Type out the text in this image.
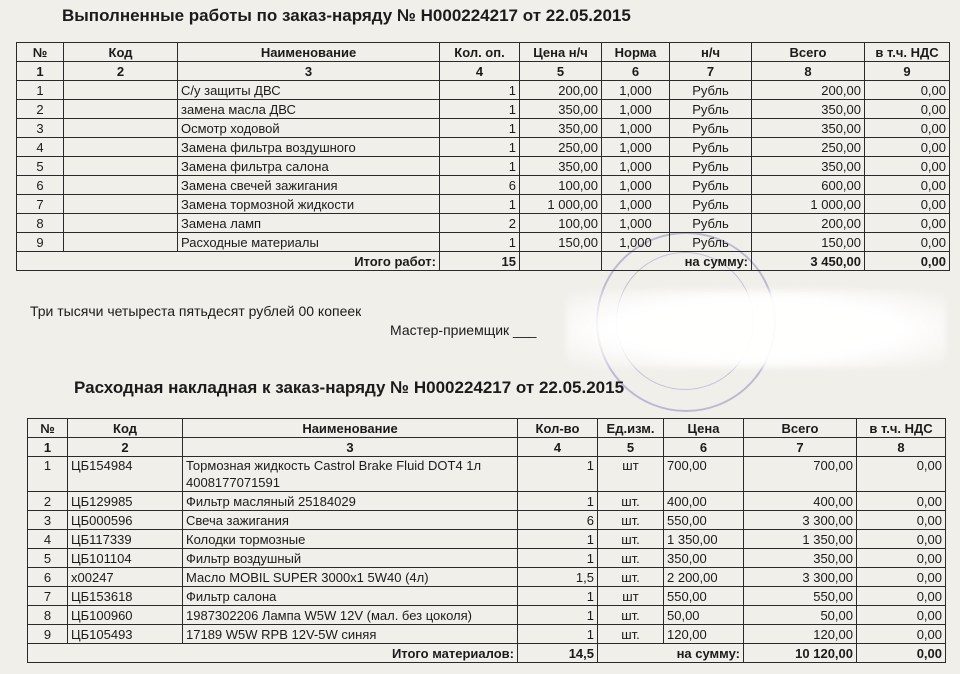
Выполненные работы по заказ-наряду № Н000224217 от 22.05.2015
№	Код	Наименование	Кол. оп.	Цена н/ч	Норма	н/ч	Всего	в т.ч. НДС
1	2	3	4	5	6	7	8	9
1		С/у защиты ДВС	1	200,00	1,000	Рубль	200,00	0,00
2		замена масла ДВС	1	350,00	1,000	Рубль	350,00	0,00
3		Осмотр ходовой	1	350,00	1,000	Рубль	350,00	0,00
4		Замена фильтра воздушного	1	250,00	1,000	Рубль	250,00	0,00
5		Замена фильтра салона	1	350,00	1,000	Рубль	350,00	0,00
6		Замена свечей зажигания	6	100,00	1,000	Рубль	600,00	0,00
7		Замена тормозной жидкости	1	1 000,00	1,000	Рубль	1 000,00	0,00
8		Замена ламп	2	100,00	1,000	Рубль	200,00	0,00
9		Расходные материалы	1	150,00	1,000	Рубль	150,00	0,00
Итого работ:			15		на сумму:		3 450,00	0,00
Три тысячи четыреста пятьдесят рублей 00 копеек
Мастер-приемщик ___
Расходная накладная к заказ-наряду № Н000224217 от 22.05.2015
№	Код	Наименование	Кол-во	Ед.изм.	Цена	Всего	в т.ч. НДС
1	2	3	4	5	6	7	8
1	ЦБ154984	Тормозная жидкость Castrol Brake Fluid DOT4 1л 4008177071591	1	шт	700,00	700,00	0,00
2	ЦБ129985	Фильтр масляный 25184029	1	шт.	400,00	400,00	0,00
3	ЦБ000596	Свеча зажигания	6	шт.	550,00	3 300,00	0,00
4	ЦБ117339	Колодки тормозные	1	шт.	1 350,00	1 350,00	0,00
5	ЦБ101104	Фильтр воздушный	1	шт.	350,00	350,00	0,00
6	х00247	Масло MOBIL SUPER 3000х1 5W40 (4л)	1,5	шт.	2 200,00	3 300,00	0,00
7	ЦБ153618	Фильтр салона	1	шт	550,00	550,00	0,00
8	ЦБ100960	1987302206 Лампа W5W 12V (мал. без цоколя)	1	шт.	50,00	50,00	0,00
9	ЦБ105493	17189 W5W RPB 12V-5W синяя	1	шт.	120,00	120,00	0,00
Итого материалов:			14,5	на сумму:		10 120,00	0,00
